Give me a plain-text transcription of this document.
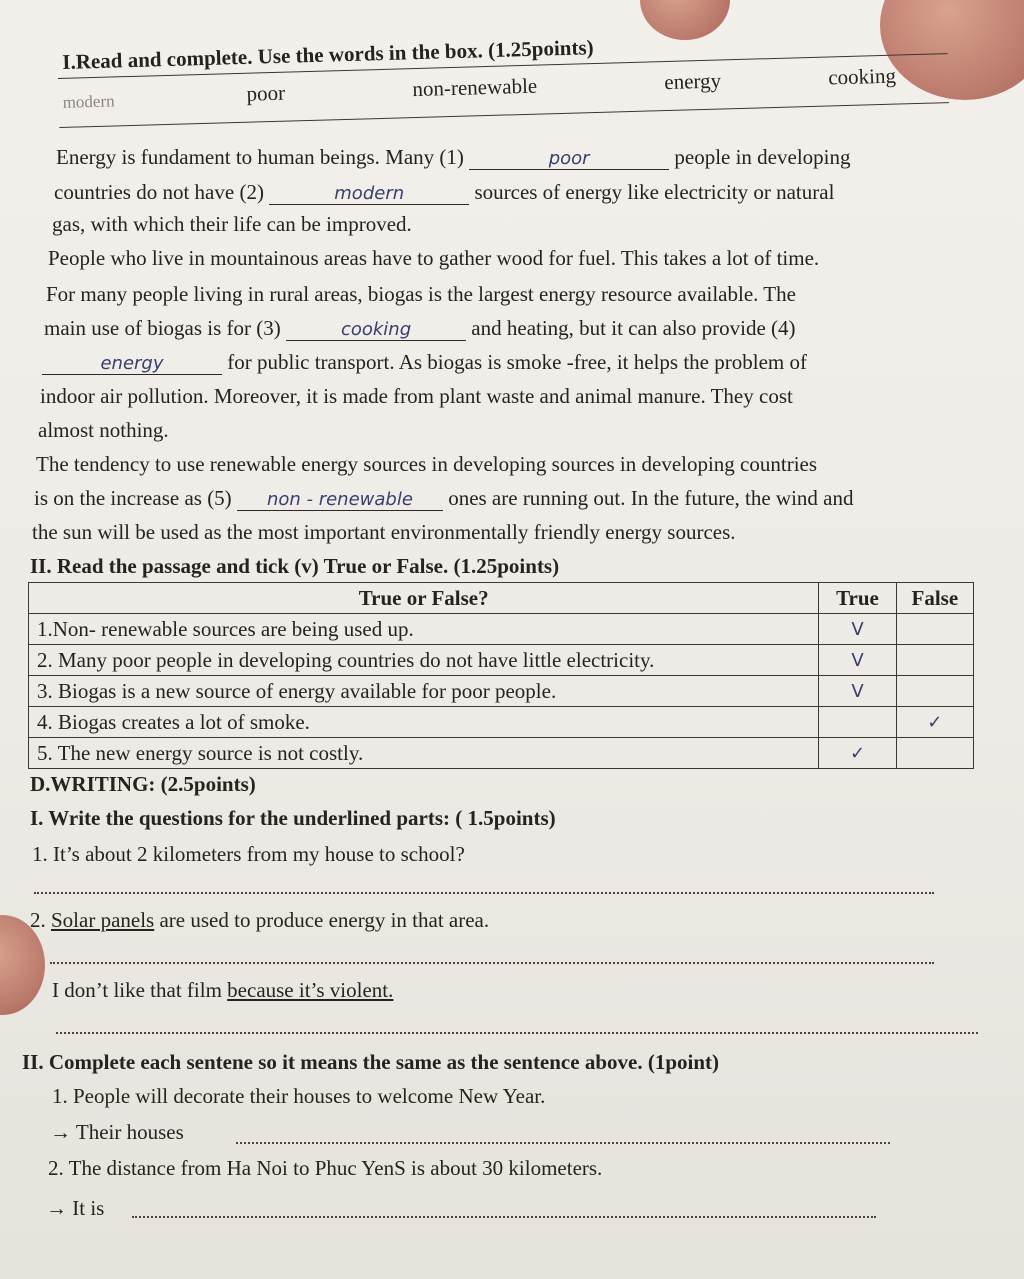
I.Read and complete. Use the words in the box. (1.25points)
modern	poor	non-renewable	energy	cooking
Energy is fundament to human beings. Many (1)	poor	people in developing
countries do not have (2)	modern	sources of energy like electricity or natural
gas, with which their life can be improved.
People who live in mountainous areas have to gather wood for fuel. This takes a lot of time.
For many people living in rural areas, biogas is the largest energy resource available. The
main use of biogas is for (3)	cooking	and heating, but it can also provide (4)
energy	for public transport. As biogas is smoke -free, it helps the problem of
indoor air pollution. Moreover, it is made from plant waste and animal manure. They cost
almost nothing.
The tendency to use renewable energy sources in developing sources in developing countries
is on the increase as (5) non - renewable ones are running out. In the future, the wind and
the sun will be used as the most important environmentally friendly energy sources.
II. Read the passage and tick (v) True or False. (1.25points)
True or False?	True	False
1.Non- renewable sources are being used up.	V	
2. Many poor people in developing countries do not have little electricity.	V	
3. Biogas is a new source of energy available for poor people.	V	
4. Biogas creates a lot of smoke.		✓
5. The new energy source is not costly.	✓	
D.WRITING: (2.5points)
I. Write the questions for the underlined parts: ( 1.5points)
1. It’s about 2 kilometers from my house to school?
2. Solar panels are used to produce energy in that area.
I don’t like that film because it’s violent.
II. Complete each sentene so it means the same as the sentence above. (1point)
1. People will decorate their houses to welcome New Year.
→ Their houses
2. The distance from Ha Noi to Phuc YenS is about 30 kilometers.
→ It is
